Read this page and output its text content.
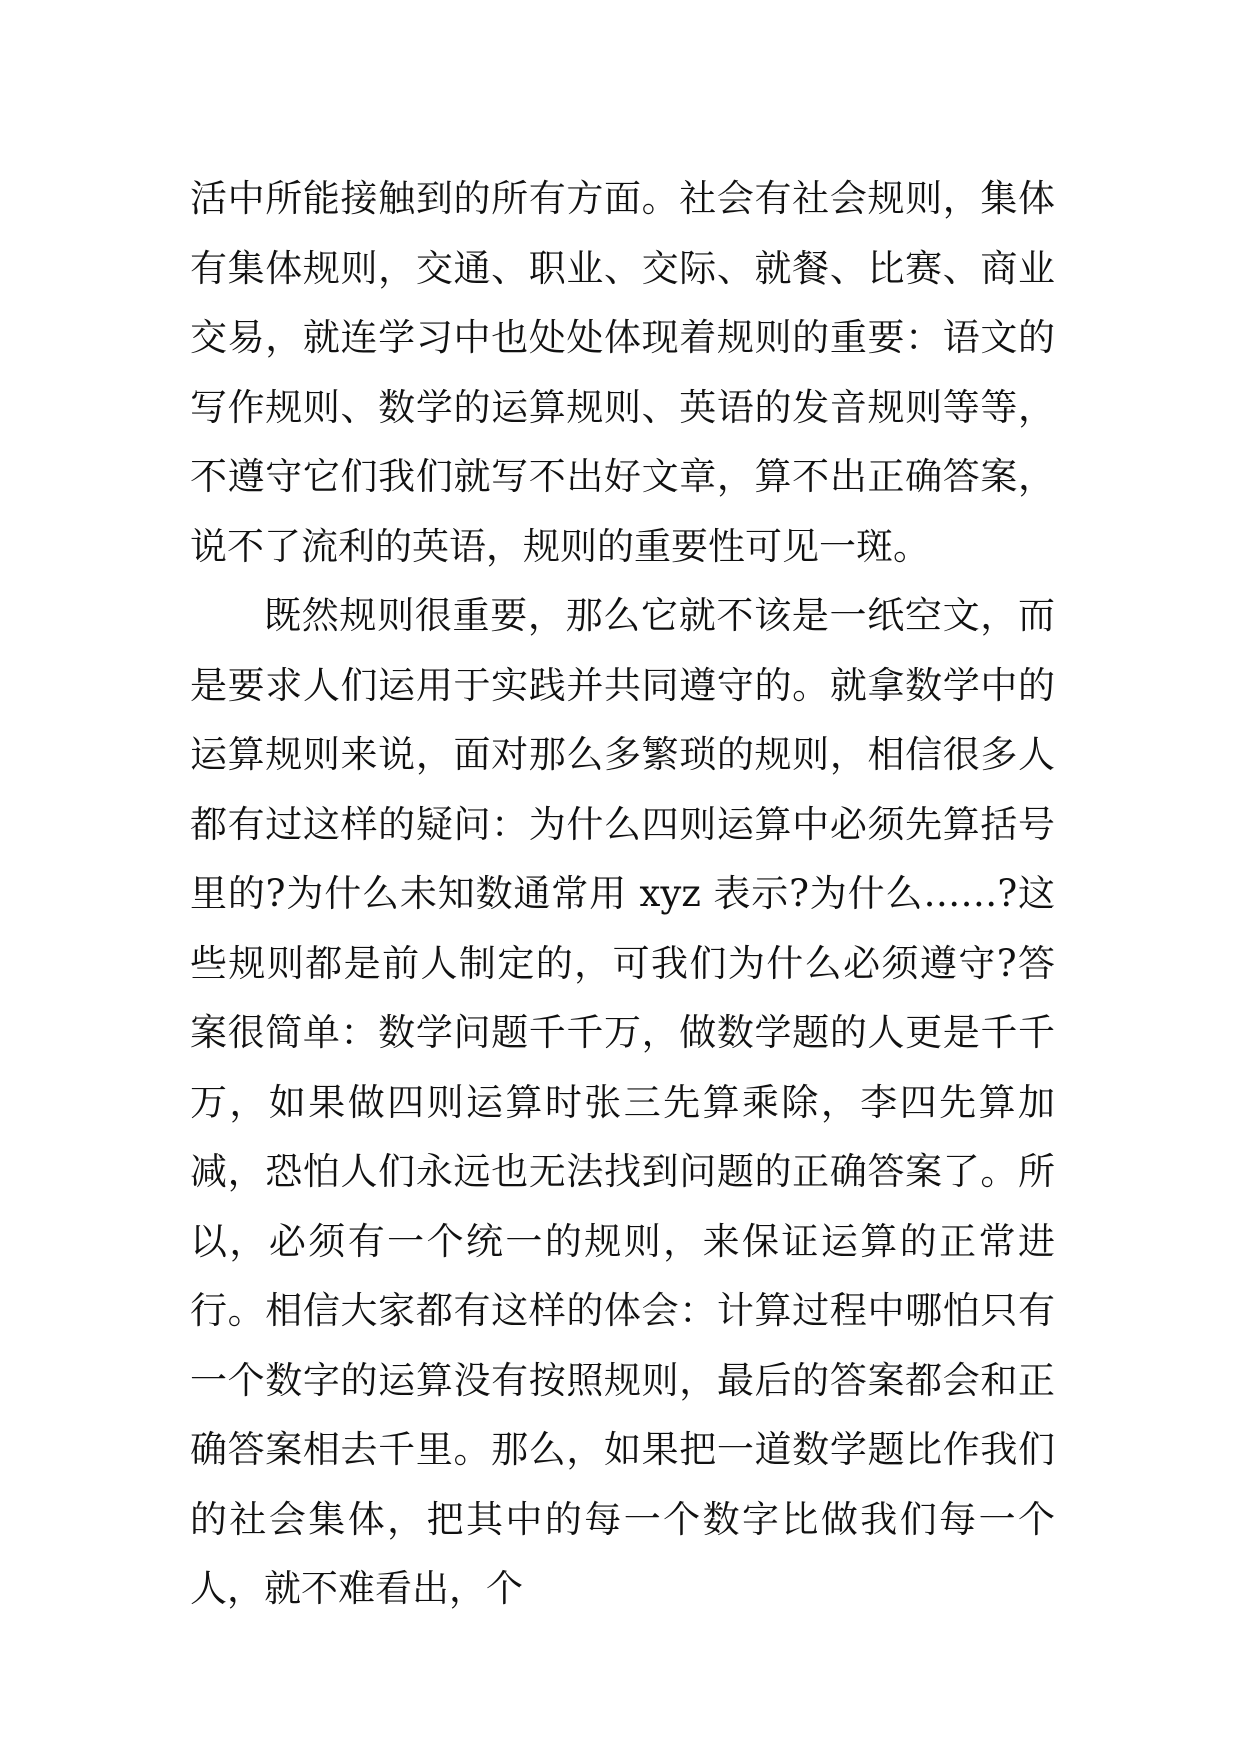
活中所能接触到的所有方面。社会有社会规则，集体有集体规则，交通、职业、交际、就餐、比赛、商业交易，就连学习中也处处体现着规则的重要：语文的写作规则、数学的运算规则、英语的发音规则等等，不遵守它们我们就写不出好文章，算不出正确答案，说不了流利的英语，规则的重要性可见一斑。

既然规则很重要，那么它就不该是一纸空文，而是要求人们运用于实践并共同遵守的。就拿数学中的运算规则来说，面对那么多繁琐的规则，相信很多人都有过这样的疑问：为什么四则运算中必须先算括号里的?为什么未知数通常用 xyz 表示?为什么……?这些规则都是前人制定的，可我们为什么必须遵守?答案很简单：数学问题千千万，做数学题的人更是千千万，如果做四则运算时张三先算乘除，李四先算加减，恐怕人们永远也无法找到问题的正确答案了。所以，必须有一个统一的规则，来保证运算的正常进行。相信大家都有这样的体会：计算过程中哪怕只有一个数字的运算没有按照规则，最后的答案都会和正确答案相去千里。那么，如果把一道数学题比作我们的社会集体，把其中的每一个数字比做我们每一个人，就不难看出，个
